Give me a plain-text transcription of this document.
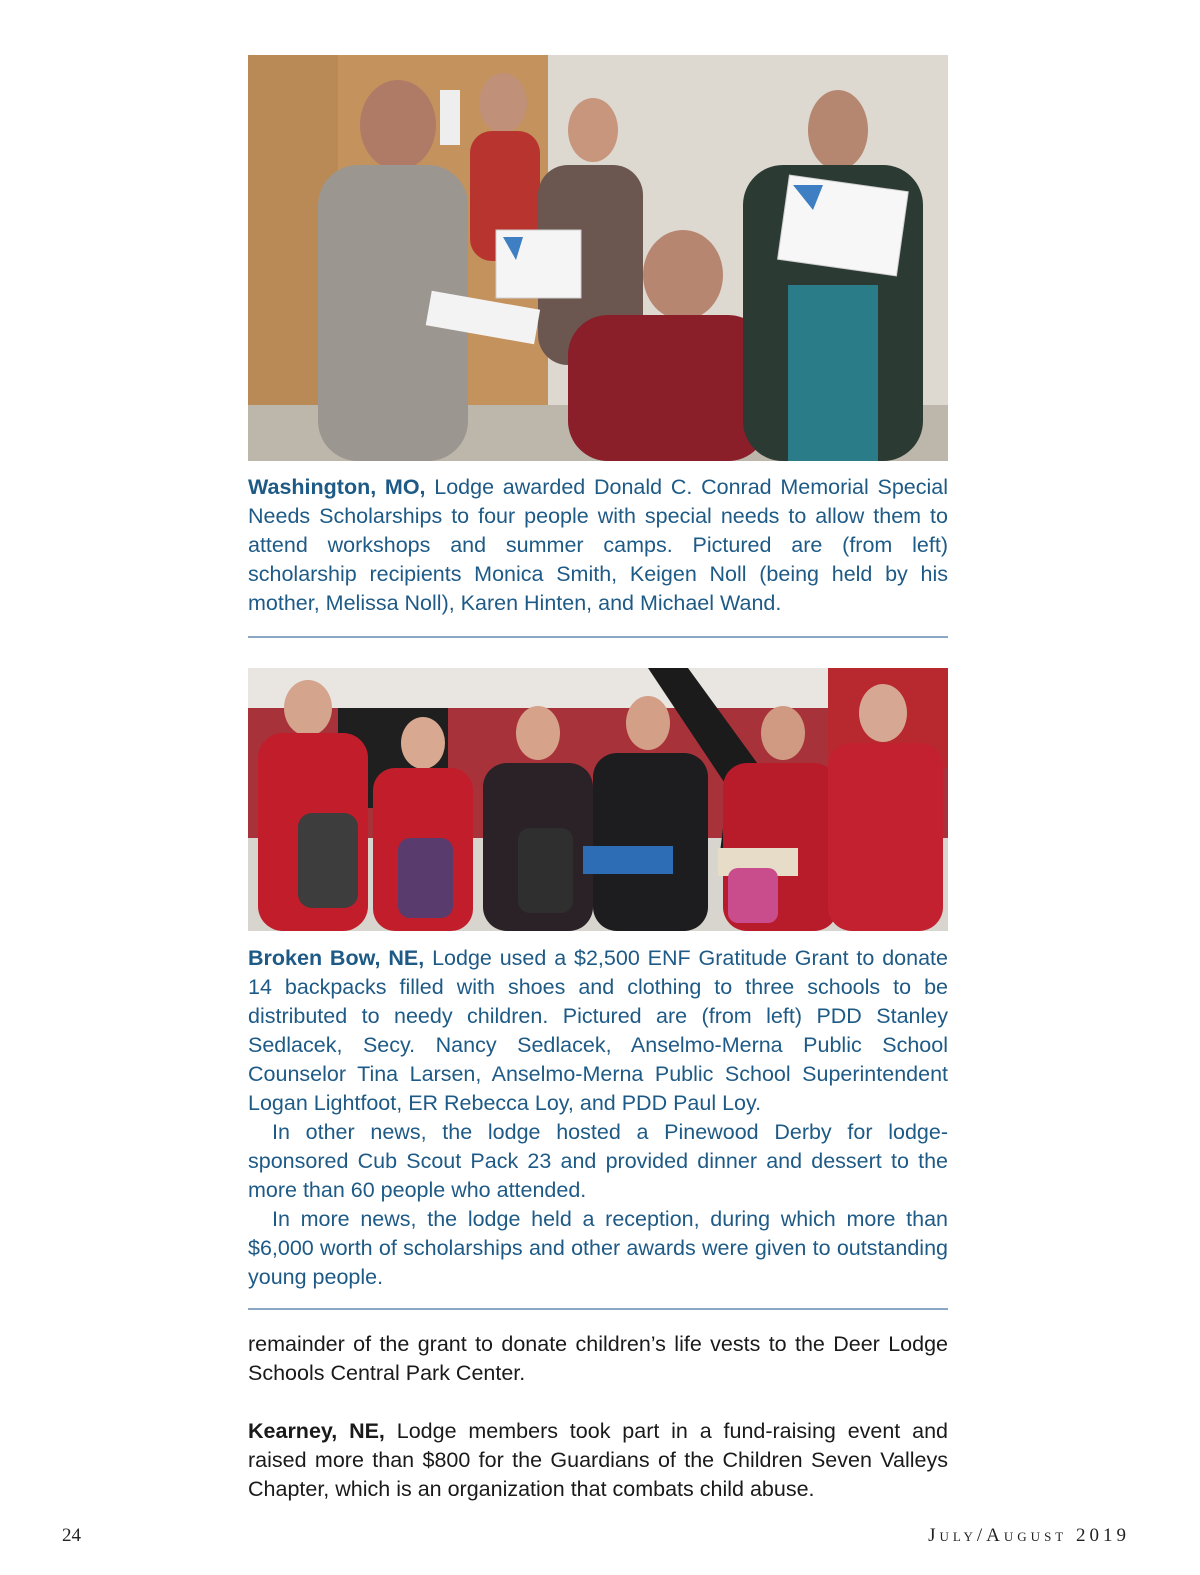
Washington, MO, Lodge awarded Donald C. Conrad Memorial Special Needs Scholarships to four people with special needs to allow them to attend workshops and summer camps. Pictured are (from left) scholarship recipients Monica Smith, Keigen Noll (being held by his mother, Melissa Noll), Karen Hinten, and Michael Wand.

Broken Bow, NE, Lodge used a $2,500 ENF Gratitude Grant to donate 14 backpacks filled with shoes and clothing to three schools to be distributed to needy children. Pictured are (from left) PDD Stanley Sedlacek, Secy. Nancy Sedlacek, Anselmo-Merna Public School Counselor Tina Larsen, Anselmo-Merna Public School Superintendent Logan Lightfoot, ER Rebecca Loy, and PDD Paul Loy.

In other news, the lodge hosted a Pinewood Derby for lodge-sponsored Cub Scout Pack 23 and provided dinner and dessert to the more than 60 people who attended.

In more news, the lodge held a reception, during which more than $6,000 worth of scholarships and other awards were given to outstanding young people.

remainder of the grant to donate children’s life vests to the Deer Lodge Schools Central Park Center.

Kearney, NE, Lodge members took part in a fund-raising event and raised more than $800 for the Guardians of the Children Seven Valleys Chapter, which is an organization that combats child abuse.

24	July/August 2019
